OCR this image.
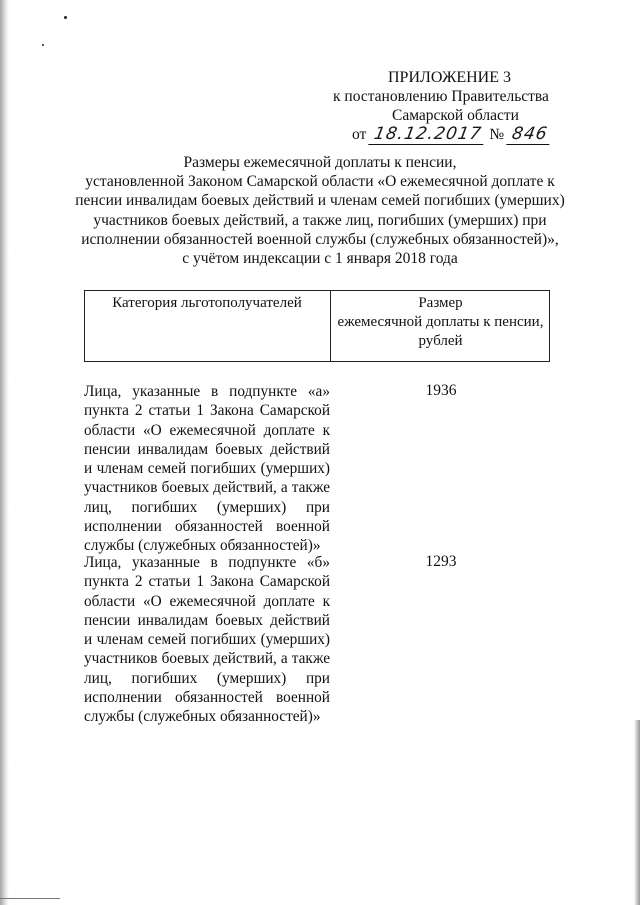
ПРИЛОЖЕНИЕ 3
к постановлению Правительства
Самарской области
от 18.12.2017 № 846
Размеры ежемесячной доплаты к пенсии,
установленной Законом Самарской области «О ежемесячной доплате к
пенсии инвалидам боевых действий и членам семей погибших (умерших)
участников боевых действий, а также лиц, погибших (умерших) при
исполнении обязанностей военной службы (служебных обязанностей)»,
с учётом индексации с 1 января 2018 года
Категория льготополучателей	Размер
ежемесячной доплаты к пенсии,
рублей
Лица, указанные в подпункте «а» пункта 2 статьи 1 Закона Самарской области «О ежемесячной доплате к пенсии инвалидам боевых действий и членам семей погибших (умерших) участников боевых действий, а также лиц, погибших (умерших) при исполнении обязанностей военной службы (служебных обязанностей)»
1936
Лица, указанные в подпункте «б» пункта 2 статьи 1 Закона Самарской области «О ежемесячной доплате к пенсии инвалидам боевых действий и членам семей погибших (умерших) участников боевых действий, а также лиц, погибших (умерших) при исполнении обязанностей военной службы (служебных обязанностей)»
1293
